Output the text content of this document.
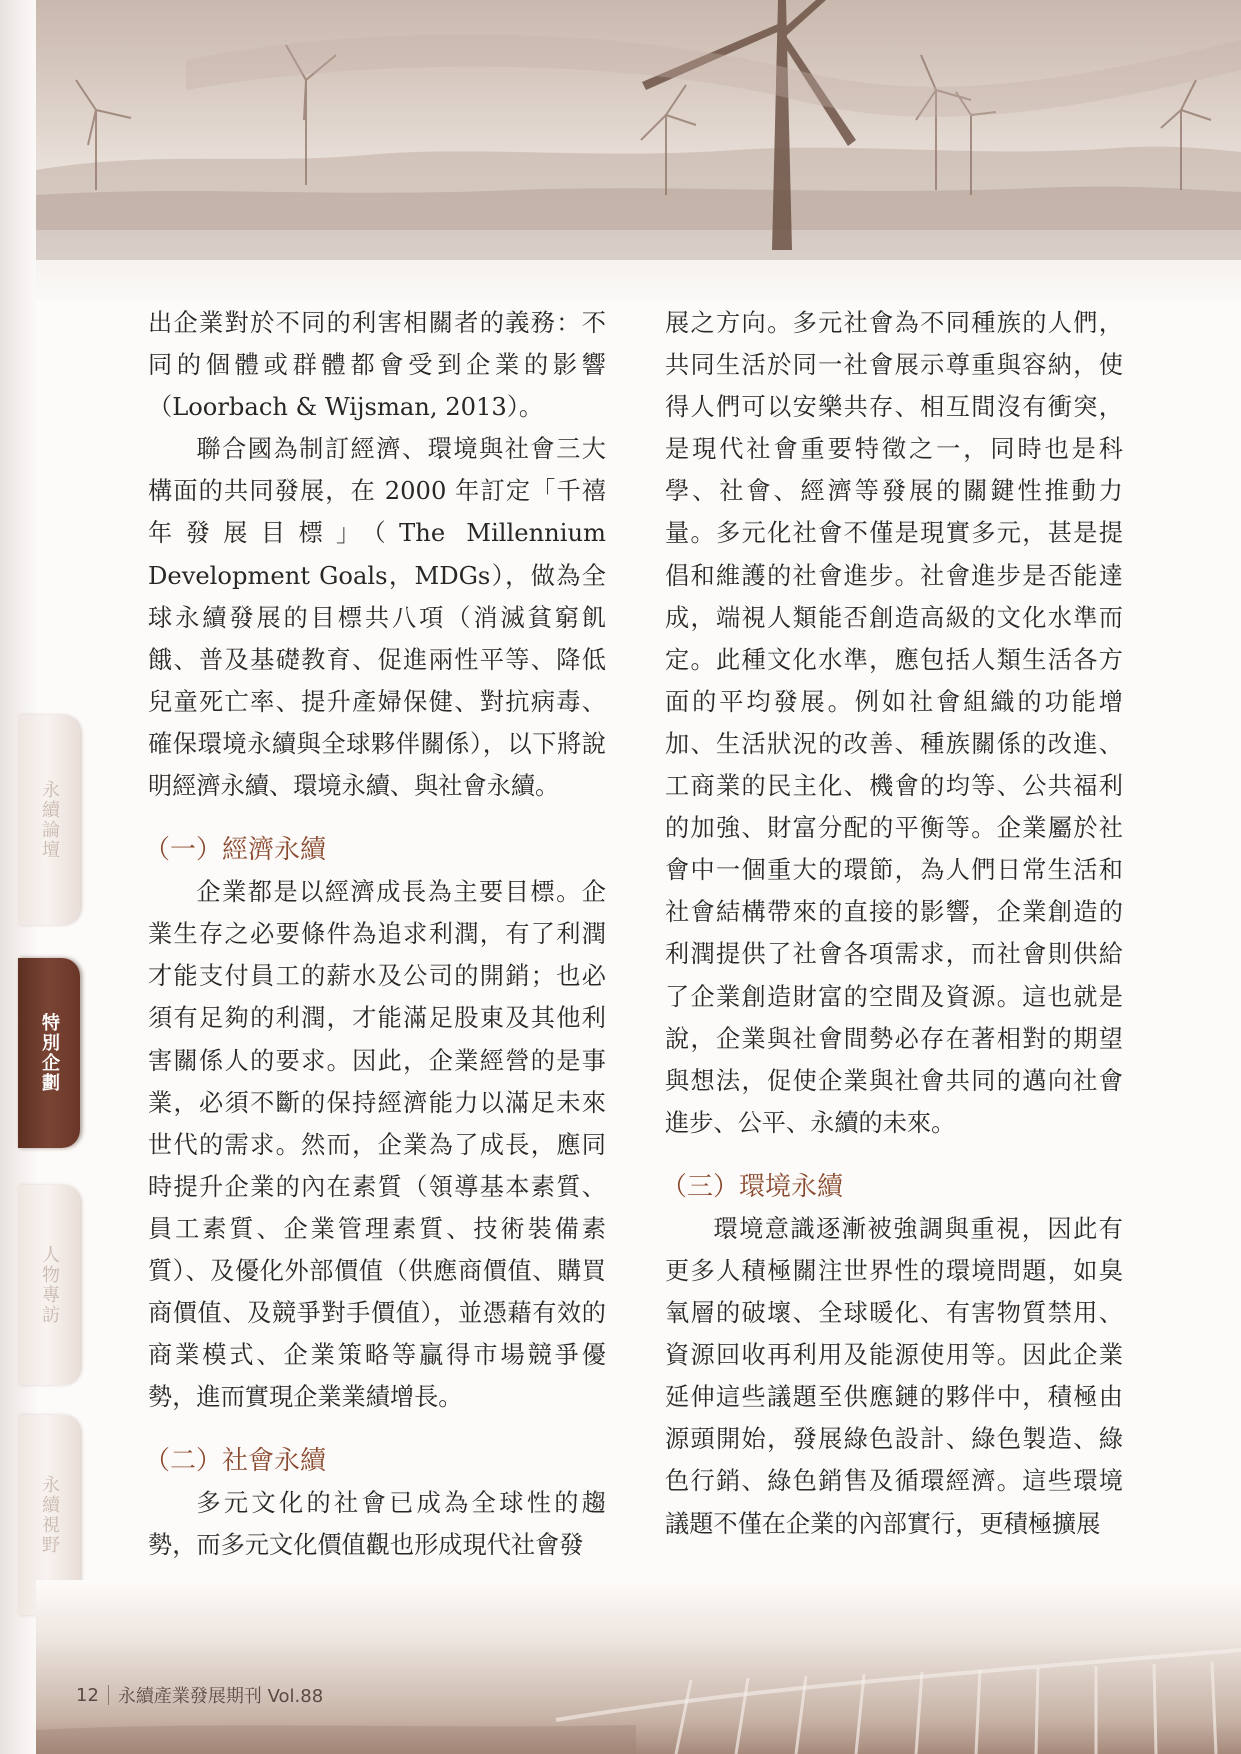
永續論壇
特別企劃
人物專訪
永續視野

出企業對於不同的利害相關者的義務：不同的個體或群體都會受到企業的影響（Loorbach & Wijsman, 2013）。

聯合國為制訂經濟、環境與社會三大構面的共同發展，在 2000 年訂定「千禧年發展目標」（The Millennium Development Goals，MDGs），做為全球永續發展的目標共八項（消滅貧窮飢餓、普及基礎教育、促進兩性平等、降低兒童死亡率、提升產婦保健、對抗病毒、確保環境永續與全球夥伴關係），以下將說明經濟永續、環境永續、與社會永續。

（一）經濟永續

企業都是以經濟成長為主要目標。企業生存之必要條件為追求利潤，有了利潤才能支付員工的薪水及公司的開銷；也必須有足夠的利潤，才能滿足股東及其他利害關係人的要求。因此，企業經營的是事業，必須不斷的保持經濟能力以滿足未來世代的需求。然而，企業為了成長，應同時提升企業的內在素質（領導基本素質、員工素質、企業管理素質、技術裝備素質）、及優化外部價值（供應商價值、購買商價值、及競爭對手價值），並憑藉有效的商業模式、企業策略等贏得市場競爭優勢，進而實現企業業績增長。

（二）社會永續

多元文化的社會已成為全球性的趨勢，而多元文化價值觀也形成現代社會發

展之方向。多元社會為不同種族的人們，共同生活於同一社會展示尊重與容納，使得人們可以安樂共存、相互間沒有衝突，是現代社會重要特徵之一，同時也是科學、社會、經濟等發展的關鍵性推動力量。多元化社會不僅是現實多元，甚是提倡和維護的社會進步。社會進步是否能達成，端視人類能否創造高級的文化水準而定。此種文化水準，應包括人類生活各方面的平均發展。例如社會組織的功能增加、生活狀況的改善、種族關係的改進、工商業的民主化、機會的均等、公共福利的加強、財富分配的平衡等。企業屬於社會中一個重大的環節，為人們日常生活和社會結構帶來的直接的影響，企業創造的利潤提供了社會各項需求，而社會則供給了企業創造財富的空間及資源。這也就是說，企業與社會間勢必存在著相對的期望與想法，促使企業與社會共同的邁向社會進步、公平、永續的未來。

（三）環境永續

環境意識逐漸被強調與重視，因此有更多人積極關注世界性的環境問題，如臭氧層的破壞、全球暖化、有害物質禁用、資源回收再利用及能源使用等。因此企業延伸這些議題至供應鏈的夥伴中，積極由源頭開始，發展綠色設計、綠色製造、綠色行銷、綠色銷售及循環經濟。這些環境議題不僅在企業的內部實行，更積極擴展

12 永續產業發展期刊 Vol.88
